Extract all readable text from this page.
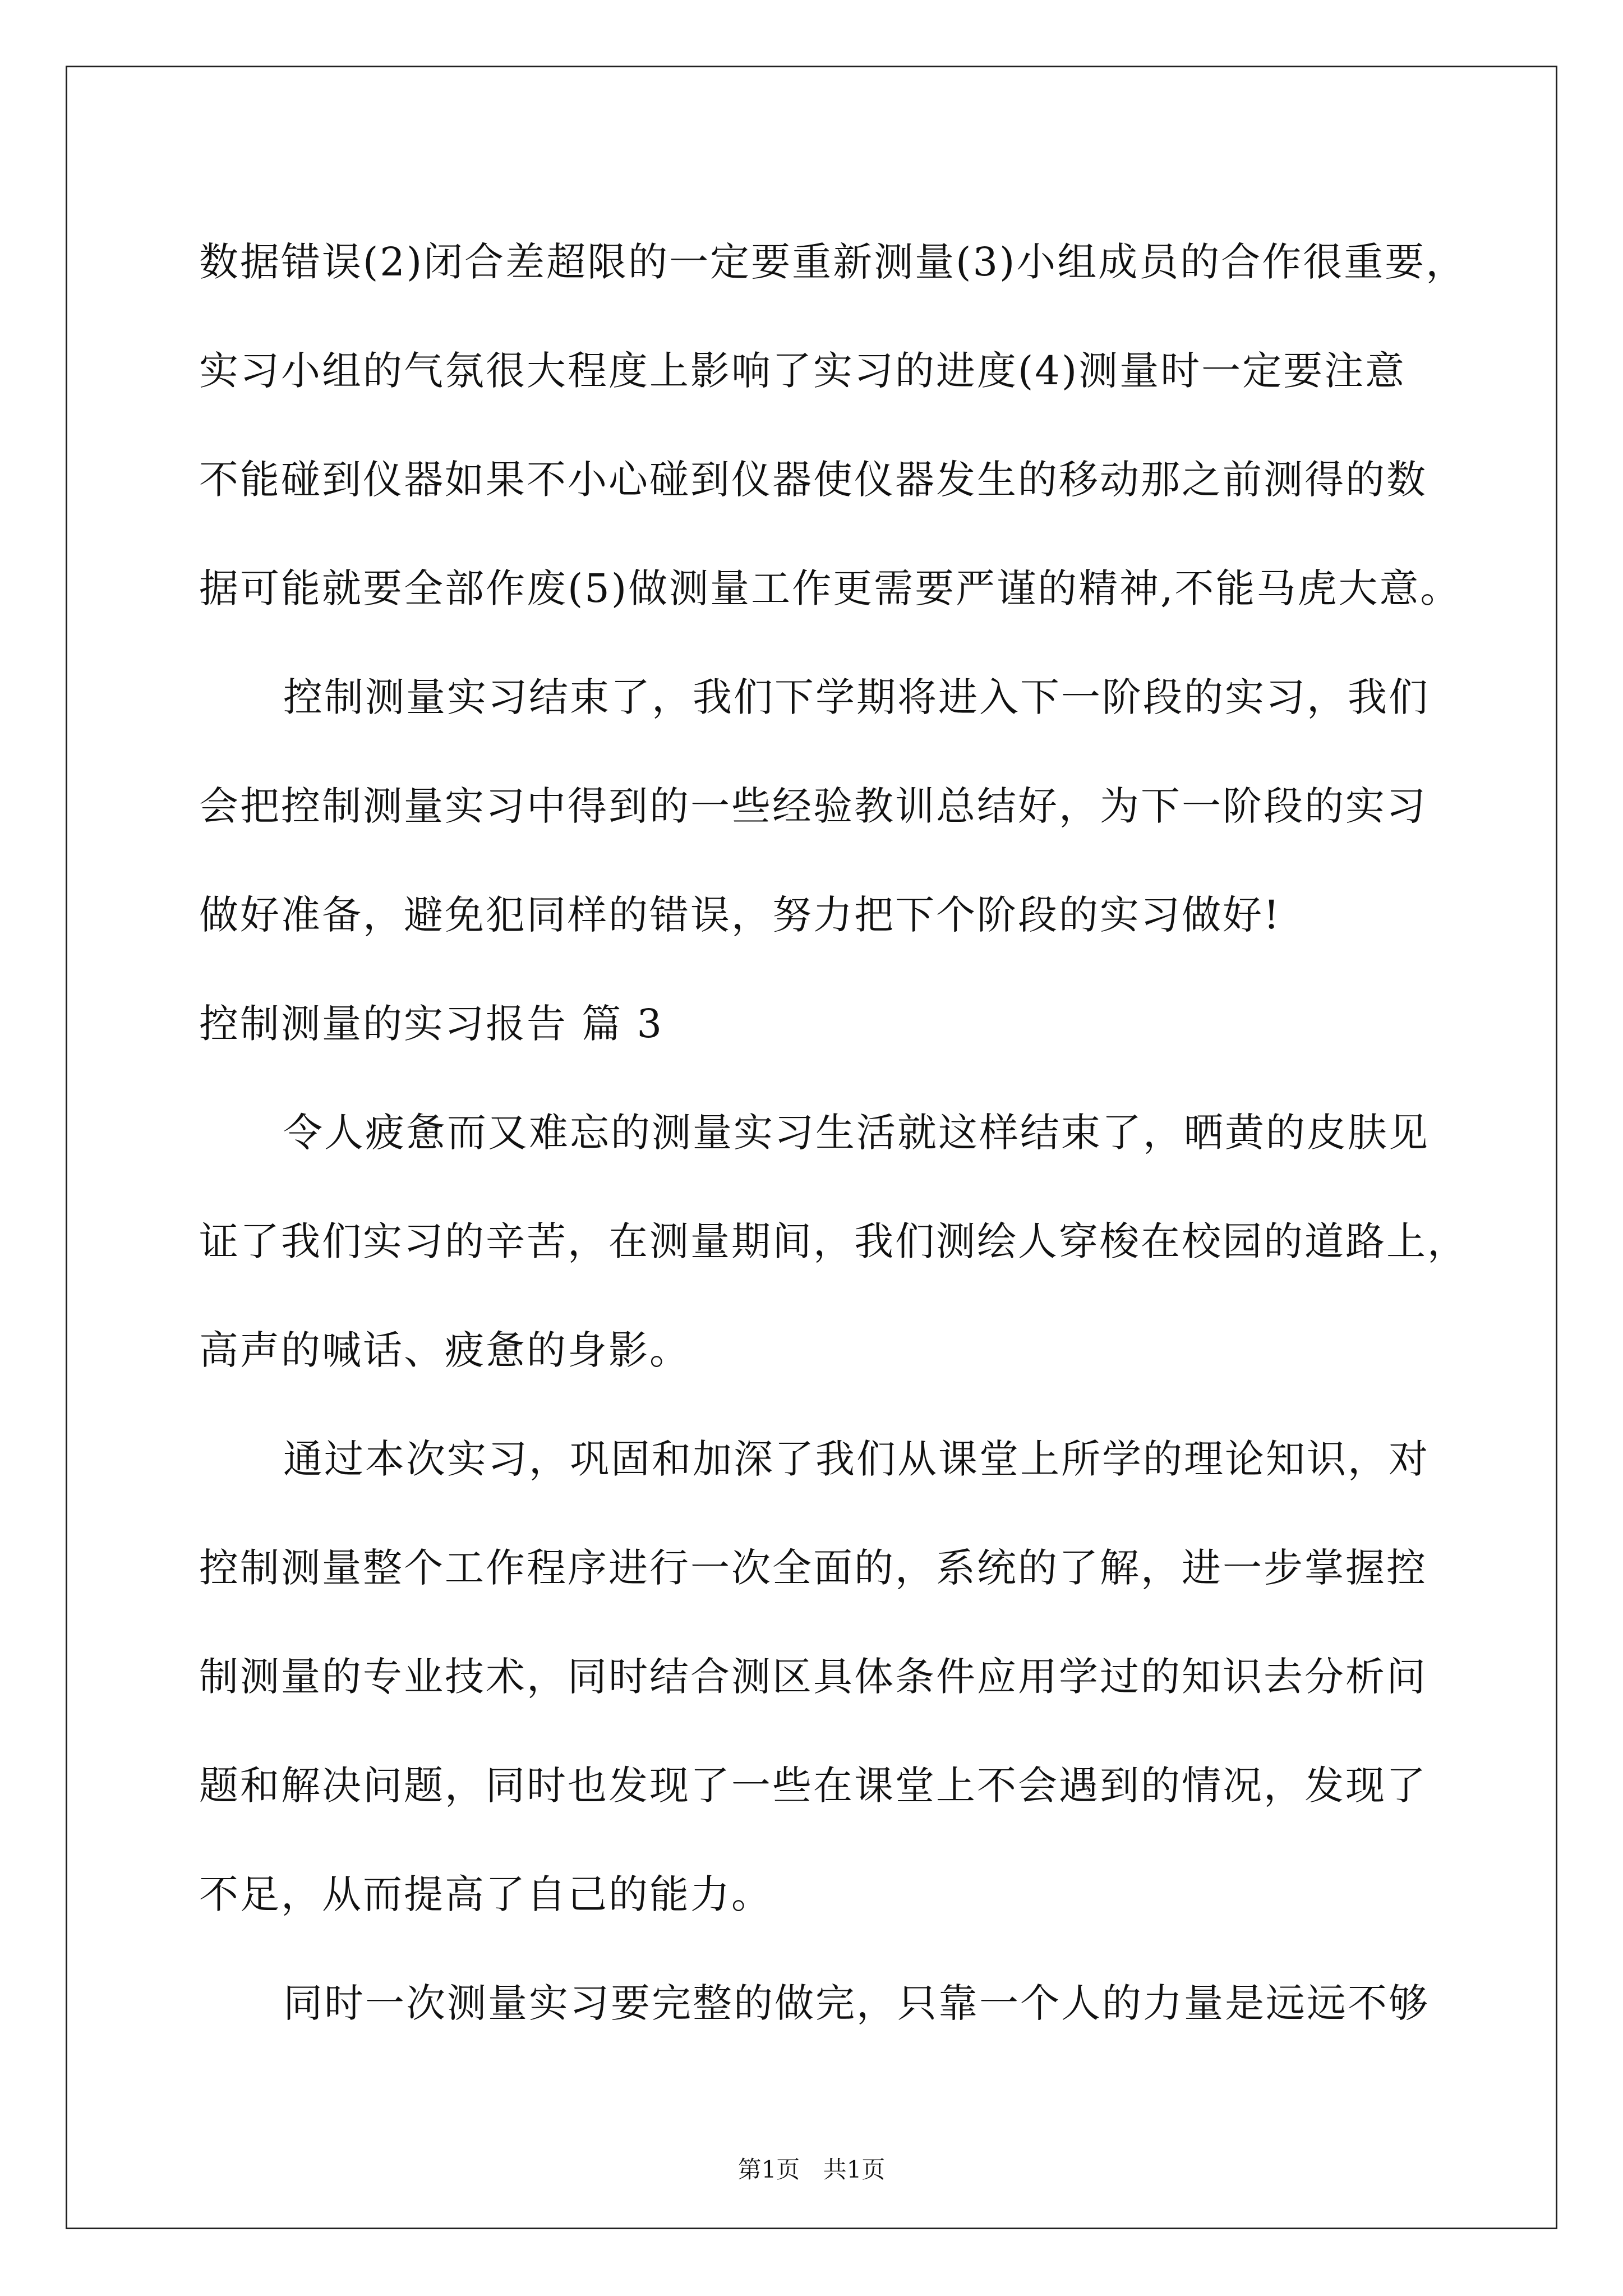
数据错误(2)闭合差超限的一定要重新测量(3)小组成员的合作很重要，
实习小组的气氛很大程度上影响了实习的进度(4)测量时一定要注意
不能碰到仪器如果不小心碰到仪器使仪器发生的移动那之前测得的数
据可能就要全部作废(5)做测量工作更需要严谨的精神,不能马虎大意。

控制测量实习结束了，我们下学期将进入下一阶段的实习，我们
会把控制测量实习中得到的一些经验教训总结好，为下一阶段的实习
做好准备，避免犯同样的错误，努力把下个阶段的实习做好!

控制测量的实习报告 篇 3

令人疲惫而又难忘的测量实习生活就这样结束了，晒黄的皮肤见
证了我们实习的辛苦，在测量期间，我们测绘人穿梭在校园的道路上，
高声的喊话、疲惫的身影。

通过本次实习，巩固和加深了我们从课堂上所学的理论知识，对
控制测量整个工作程序进行一次全面的，系统的了解，进一步掌握控
制测量的专业技术，同时结合测区具体条件应用学过的知识去分析问
题和解决问题，同时也发现了一些在课堂上不会遇到的情况，发现了
不足，从而提高了自己的能力。

同时一次测量实习要完整的做完，只靠一个人的力量是远远不够

第1页 共1页
